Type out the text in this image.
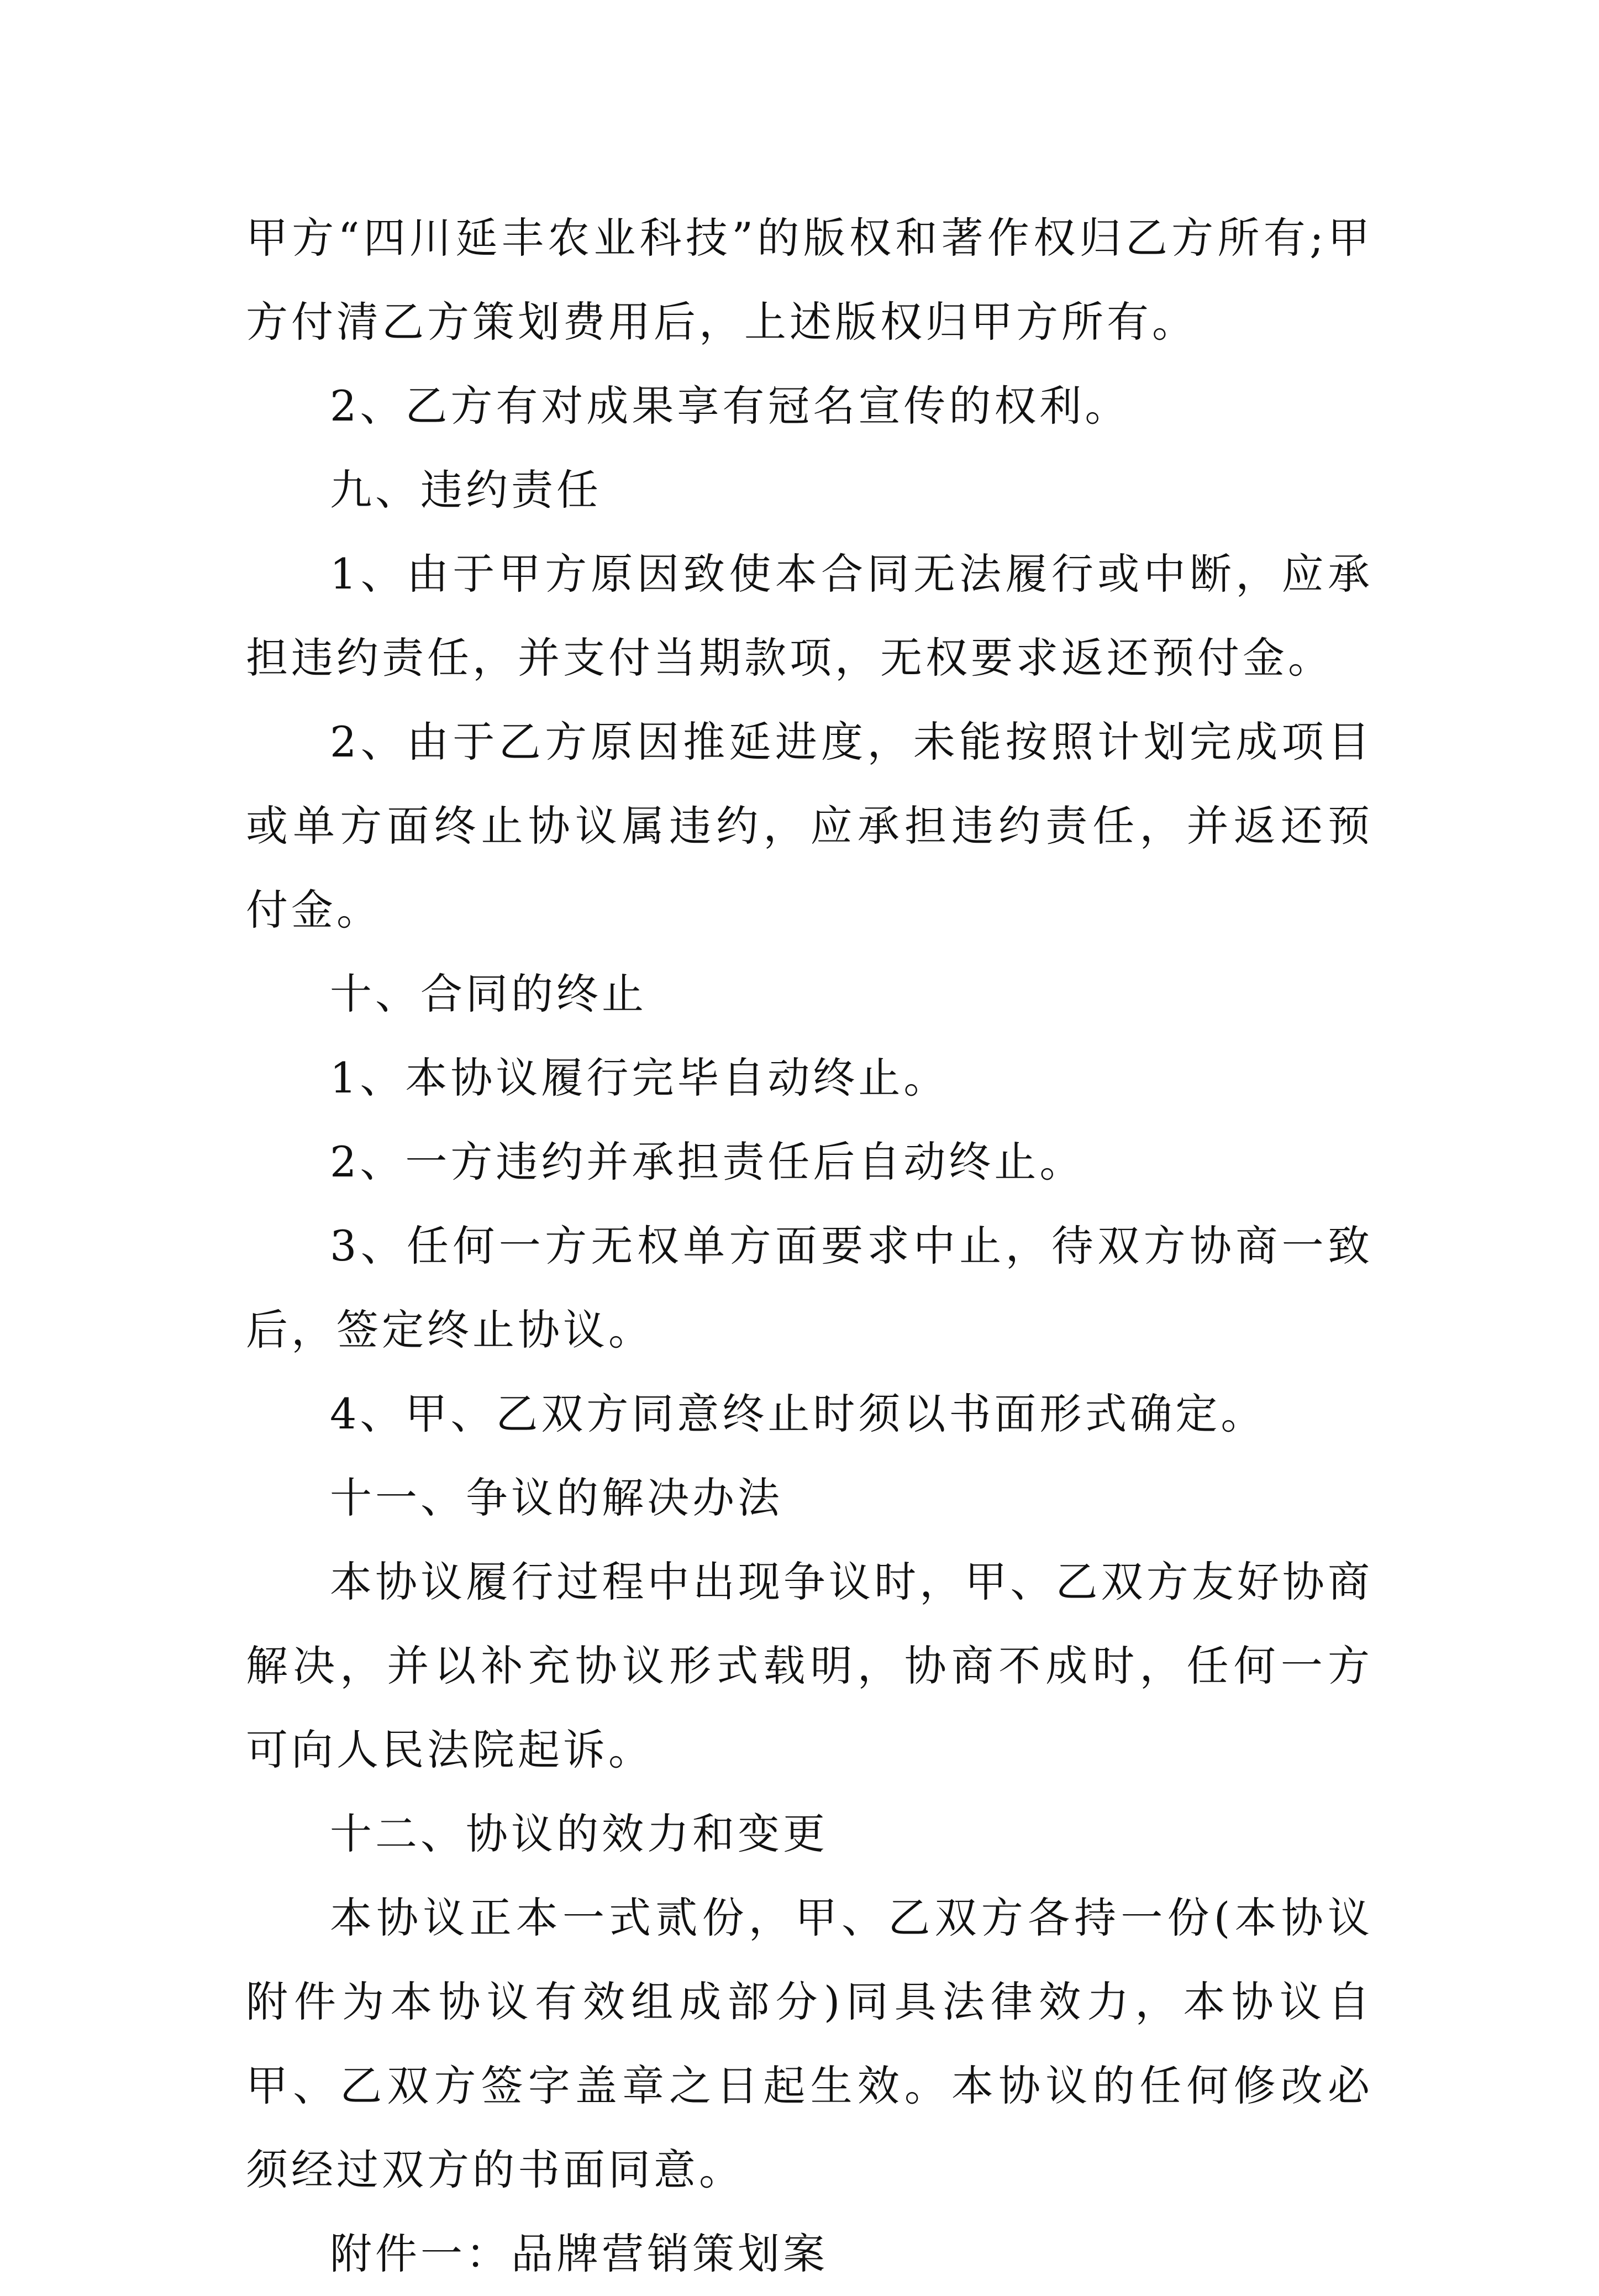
甲方“四川延丰农业科技”的版权和著作权归乙方所有;甲方付清乙方策划费用后，上述版权归甲方所有。

2、乙方有对成果享有冠名宣传的权利。

九、违约责任

1、由于甲方原因致使本合同无法履行或中断，应承担违约责任，并支付当期款项，无权要求返还预付金。

2、由于乙方原因推延进度，未能按照计划完成项目或单方面终止协议属违约，应承担违约责任，并返还预付金。

十、合同的终止

1、本协议履行完毕自动终止。

2、一方违约并承担责任后自动终止。

3、任何一方无权单方面要求中止，待双方协商一致后，签定终止协议。

4、甲、乙双方同意终止时须以书面形式确定。

十一、争议的解决办法

本协议履行过程中出现争议时，甲、乙双方友好协商解决，并以补充协议形式载明，协商不成时，任何一方可向人民法院起诉。

十二、协议的效力和变更

本协议正本一式贰份，甲、乙双方各持一份(本协议附件为本协议有效组成部分)同具法律效力，本协议自甲、乙双方签字盖章之日起生效。本协议的任何修改必须经过双方的书面同意。

附件一：品牌营销策划案
